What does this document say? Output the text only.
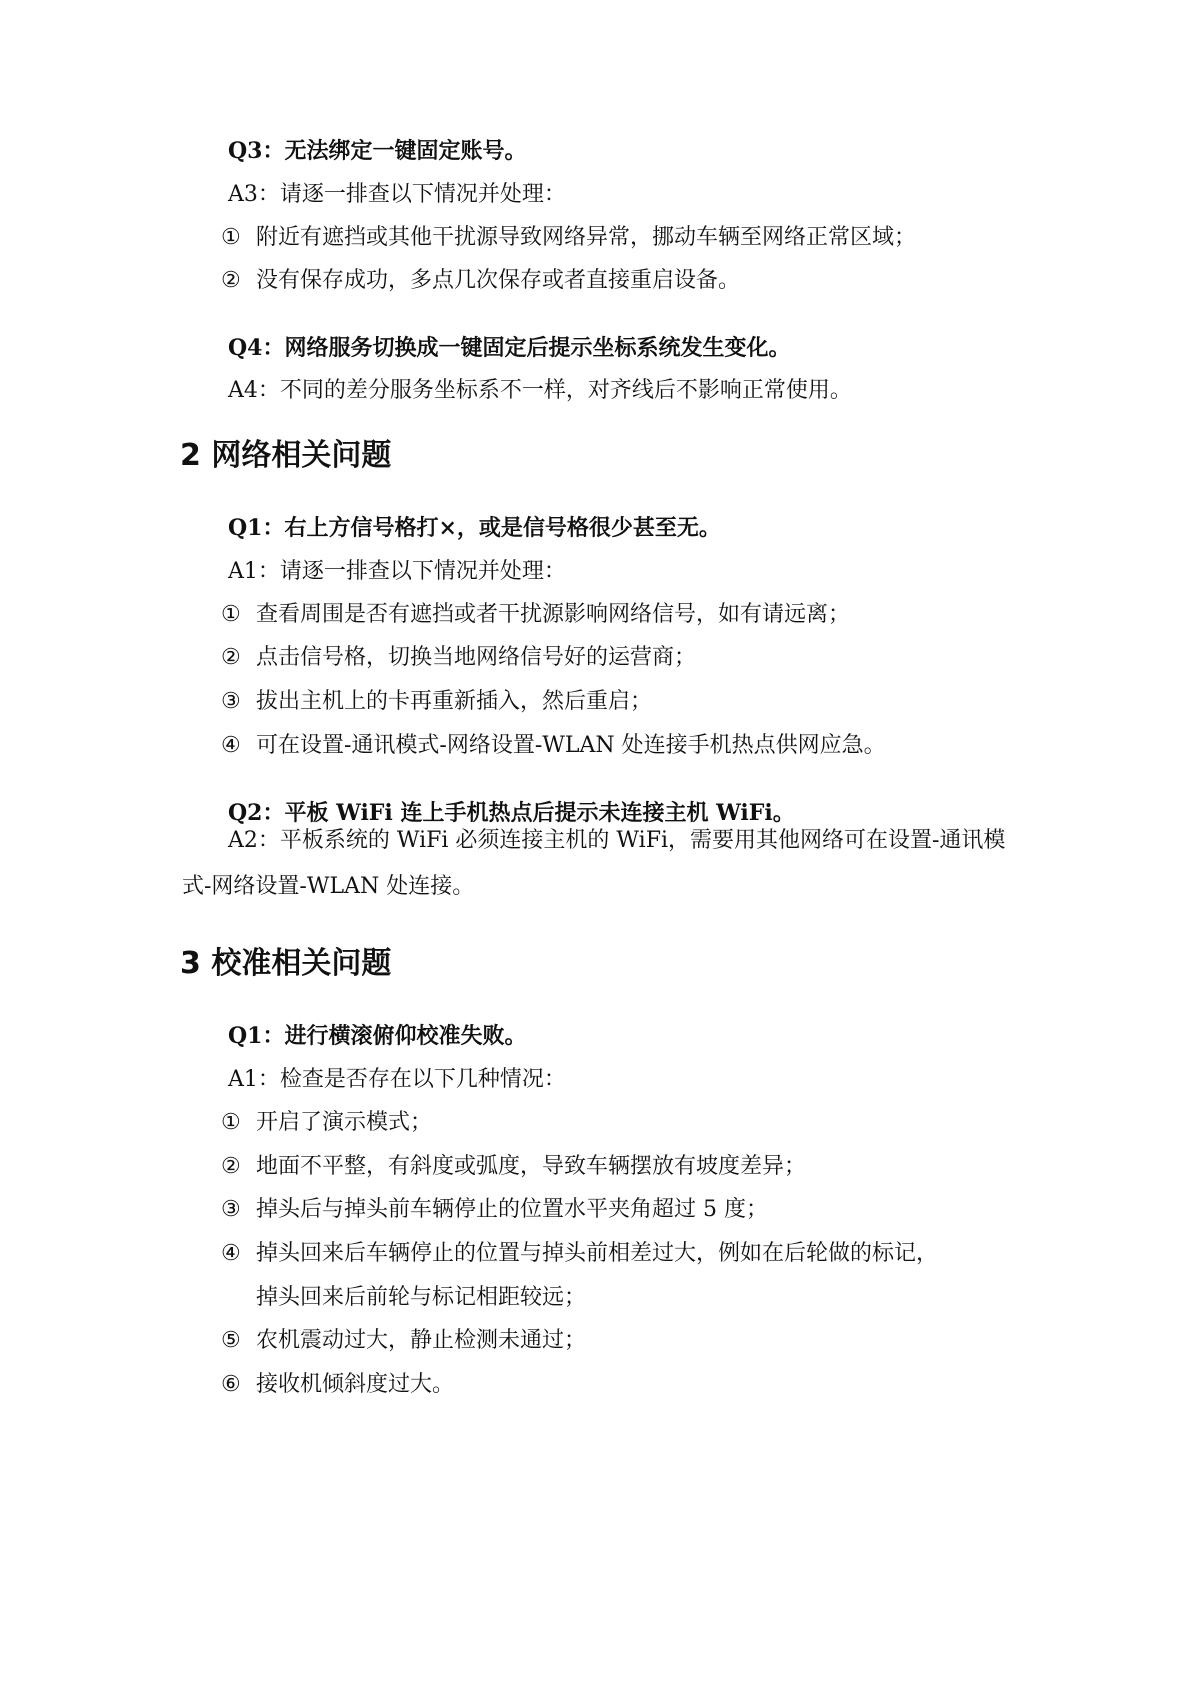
Q3：无法绑定一键固定账号。
A3：请逐一排查以下情况并处理：
① 附近有遮挡或其他干扰源导致网络异常，挪动车辆至网络正常区域；
② 没有保存成功，多点几次保存或者直接重启设备。
Q4：网络服务切换成一键固定后提示坐标系统发生变化。
A4：不同的差分服务坐标系不一样，对齐线后不影响正常使用。
2 网络相关问题
Q1：右上方信号格打×，或是信号格很少甚至无。
A1：请逐一排查以下情况并处理：
① 查看周围是否有遮挡或者干扰源影响网络信号，如有请远离；
② 点击信号格，切换当地网络信号好的运营商；
③ 拔出主机上的卡再重新插入，然后重启；
④ 可在设置-通讯模式-网络设置-WLAN 处连接手机热点供网应急。
Q2：平板 WiFi 连上手机热点后提示未连接主机 WiFi。
A2：平板系统的 WiFi 必须连接主机的 WiFi，需要用其他网络可在设置-通讯模式-网络设置-WLAN 处连接。
3 校准相关问题
Q1：进行横滚俯仰校准失败。
A1：检查是否存在以下几种情况：
① 开启了演示模式；
② 地面不平整，有斜度或弧度，导致车辆摆放有坡度差异；
③ 掉头后与掉头前车辆停止的位置水平夹角超过 5 度；
④ 掉头回来后车辆停止的位置与掉头前相差过大，例如在后轮做的标记，
掉头回来后前轮与标记相距较远；
⑤ 农机震动过大，静止检测未通过；
⑥ 接收机倾斜度过大。
